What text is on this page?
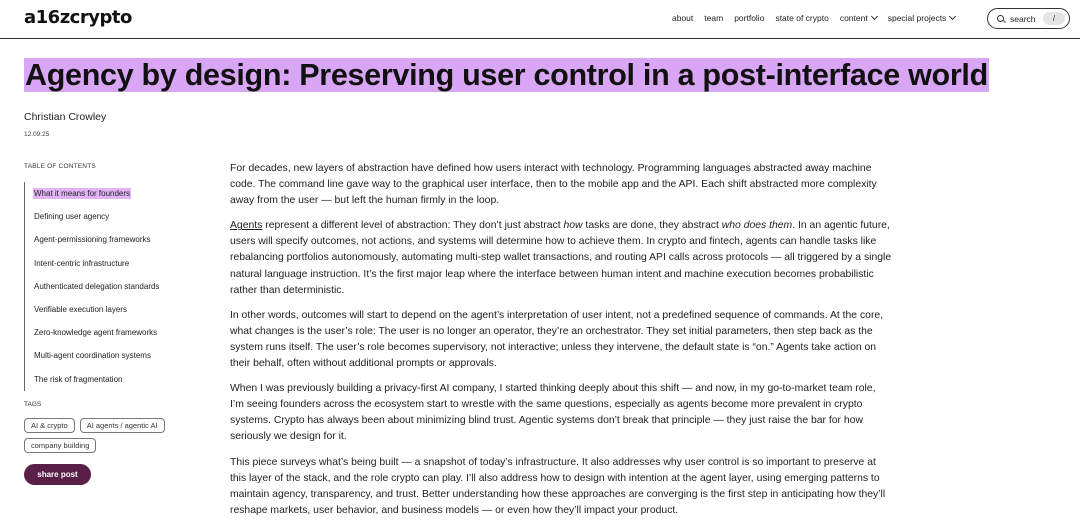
a16zcrypto	about team portfolio state of crypto content special projects	search	/
Agency by design: Preserving user control in a post-interface world
Christian Crowley
12.09.25
TABLE OF CONTENTS
What it means for founders
Defining user agency
Agent-permissioning frameworks
Intent-centric infrastructure
Authenticated delegation standards
Verifiable execution layers
Zero-knowledge agent frameworks
Multi-agent coordination systems
The risk of fragmentation
TAGS
AI & crypto	AI agents / agentic AI
company building
share post

For decades, new layers of abstraction have defined how users interact with technology. Programming languages abstracted away machine code. The command line gave way to the graphical user interface, then to the mobile app and the API. Each shift abstracted more complexity away from the user — but left the human firmly in the loop.

Agents represent a different level of abstraction: They don’t just abstract how tasks are done, they abstract who does them. In an agentic future, users will specify outcomes, not actions, and systems will determine how to achieve them. In crypto and fintech, agents can handle tasks like rebalancing portfolios autonomously, automating multi-step wallet transactions, and routing API calls across protocols — all triggered by a single natural language instruction. It’s the first major leap where the interface between human intent and machine execution becomes probabilistic rather than deterministic.

In other words, outcomes will start to depend on the agent’s interpretation of user intent, not a predefined sequence of commands. At the core, what changes is the user’s role: The user is no longer an operator, they’re an orchestrator. They set initial parameters, then step back as the system runs itself. The user’s role becomes supervisory, not interactive; unless they intervene, the default state is “on.” Agents take action on their behalf, often without additional prompts or approvals.

When I was previously building a privacy-first AI company, I started thinking deeply about this shift — and now, in my go-to-market team role, I’m seeing founders across the ecosystem start to wrestle with the same questions, especially as agents become more prevalent in crypto systems. Crypto has always been about minimizing blind trust. Agentic systems don’t break that principle — they just raise the bar for how seriously we design for it.

This piece surveys what’s being built — a snapshot of today’s infrastructure. It also addresses why user control is so important to preserve at this layer of the stack, and the role crypto can play. I’ll also address how to design with intention at the agent layer, using emerging patterns to maintain agency, transparency, and trust. Better understanding how these approaches are converging is the first step in anticipating how they’ll reshape markets, user behavior, and business models — or even how they’ll impact your product.
